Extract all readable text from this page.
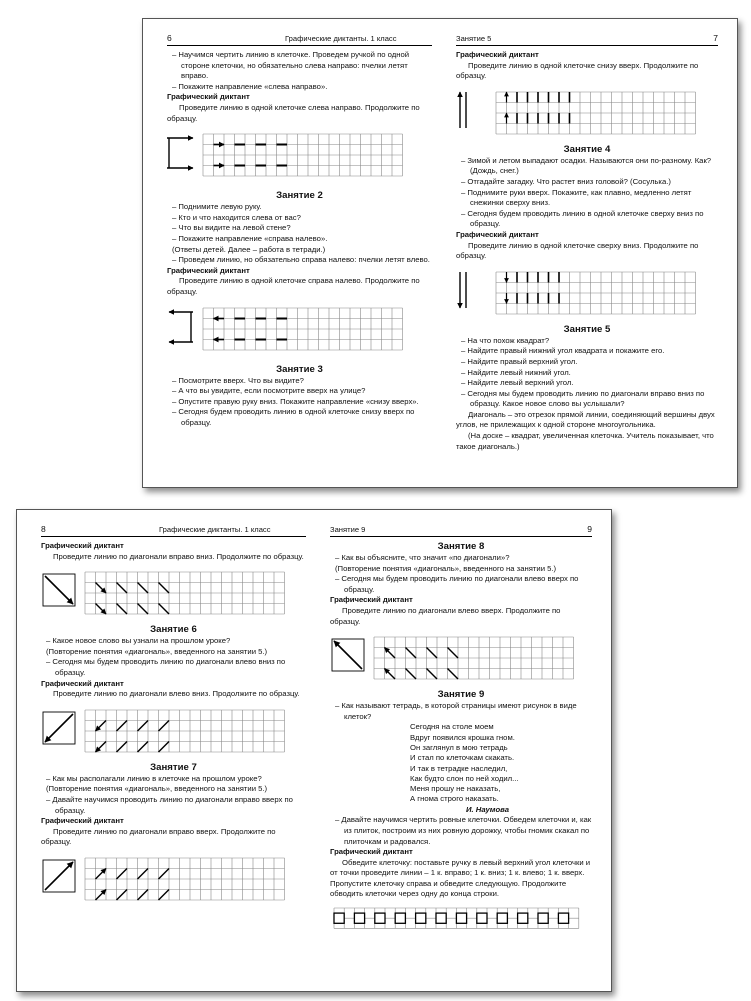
6	Графические диктанты. 1 класс

– Научимся чертить линию в клеточке. Проведем ручкой по одной стороне клеточки, но обязательно слева направо: пчелки летят вправо.

– Покажите направление «слева направо».

Графический диктант

Проведите линию в одной клеточке слева направо. Продолжите по образцу.

Занятие 2

– Поднимите левую руку.

– Кто и что находится слева от вас?

– Что вы видите на левой стене?

– Покажите направление «справа налево».

(Ответы детей. Далее – работа в тетради.)

– Проведем линию, но обязательно справа налево: пчелки летят влево.

Графический диктант

Проведите линию в одной клеточке справа налево. Продолжите по образцу.

Занятие 3

– Посмотрите вверх. Что вы видите?

– А что вы увидите, если посмотрите вверх на улице?

– Опустите правую руку вниз. Покажите направление «снизу вверх».

– Сегодня будем проводить линию в одной клеточке снизу вверх по образцу.

Занятие 5	7

Графический диктант

Проведите линию в одной клеточке снизу вверх. Продолжите по образцу.

Занятие 4

– Зимой и летом выпадают осадки. Называются они по-разному. Как? (Дождь, снег.)

– Отгадайте загадку. Что растет вниз головой? (Сосулька.)

– Поднимите руки вверх. Покажите, как плавно, медленно летят снежинки сверху вниз.

– Сегодня будем проводить линию в одной клеточке сверху вниз по образцу.

Графический диктант

Проведите линию в одной клеточке сверху вниз. Продолжите по образцу.

Занятие 5

– На что похож квадрат?

– Найдите правый нижний угол квадрата и покажите его.

– Найдите правый верхний угол.

– Найдите левый нижний угол.

– Найдите левый верхний угол.

– Сегодня мы будем проводить линию по диагонали вправо вниз по образцу. Какое новое слово вы услышали?

Диагональ – это отрезок прямой линии, соединяющий вершины двух углов, не прилежащих к одной стороне многоугольника.

(На доске – квадрат, увеличенная клеточка. Учитель показывает, что такое диагональ.)

8	Графические диктанты. 1 класс

Графический диктант

Проведите линию по диагонали вправо вниз. Продолжите по образцу.

Занятие 6

– Какое новое слово вы узнали на прошлом уроке?

(Повторение понятия «диагональ», введенного на занятии 5.)

– Сегодня мы будем проводить линию по диагонали влево вниз по образцу.

Графический диктант

Проведите линию по диагонали влево вниз. Продолжите по образцу.

Занятие 7

– Как мы располагали линию в клеточке на прошлом уроке?

(Повторение понятия «диагональ», введенного на занятии 5.)

– Давайте научимся проводить линию по диагонали вправо вверх по образцу.

Графический диктант

Проведите линию по диагонали вправо вверх. Продолжите по образцу.

Занятие 9	9

Занятие 8

– Как вы объясните, что значит «по диагонали»?

(Повторение понятия «диагональ», введенного на занятии 5.)

– Сегодня мы будем проводить линию по диагонали влево вверх по образцу.

Графический диктант

Проведите линию по диагонали влево вверх. Продолжите по образцу.

Занятие 9

– Как называют тетрадь, в которой страницы имеют рисунок в виде клеток?

Сегодня на столе моем

Вдруг появился крошка гном.

Он заглянул в мою тетрадь

И стал по клеточкам скакать.

И так в тетрадке наследил,

Как будто слон по ней ходил...

Меня прошу не наказать,

А гнома строго наказать.

И. Наумова

– Давайте научимся чертить ровные клеточки. Обведем клеточки и, как из плиток, построим из них ровную дорожку, чтобы гномик скакал по плиточкам и радовался.

Графический диктант

Обведите клеточку: поставьте ручку в левый верхний угол клеточки и от точки проведите линии – 1 к. вправо; 1 к. вниз; 1 к. влево; 1 к. вверх. Пропустите клеточку справа и обведите следующую. Продолжите обводить клеточки через одну до конца строки.
